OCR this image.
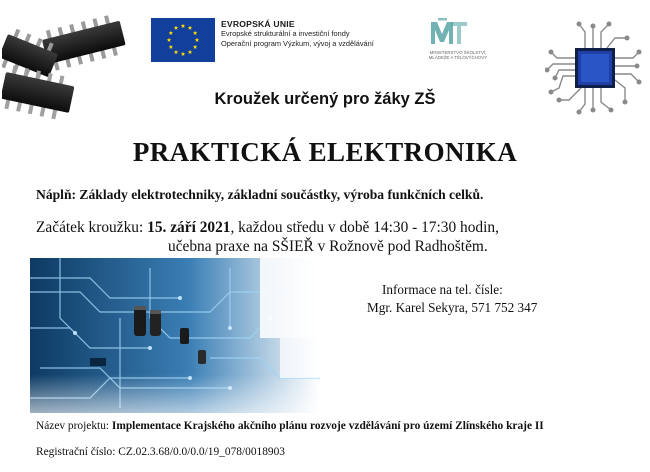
EVROPSKÁ UNIE
Evropské strukturální a investiční fondy
Operační program Výzkum, vývoj a vzdělávání
MINISTERSTVO ŠKOLSTVÍ,
MLÁDEŽE A TĚLOVÝCHOVY
Kroužek určený pro žáky ZŠ
PRAKTICKÁ ELEKTRONIKA
Náplň: Základy elektrotechniky, základní součástky, výroba funkčních celků.
Začátek kroužku: 15. září 2021, každou středu v době 14:30 - 17:30 hodin,
učebna praxe na SŠIEŘ v Rožnově pod Radhoštěm.
Informace na tel. čísle:
Mgr. Karel Sekyra, 571 752 347
Název projektu: Implementace Krajského akčního plánu rozvoje vzdělávání pro území Zlínského kraje II
Registrační číslo: CZ.02.3.68/0.0/0.0/19_078/0018903
